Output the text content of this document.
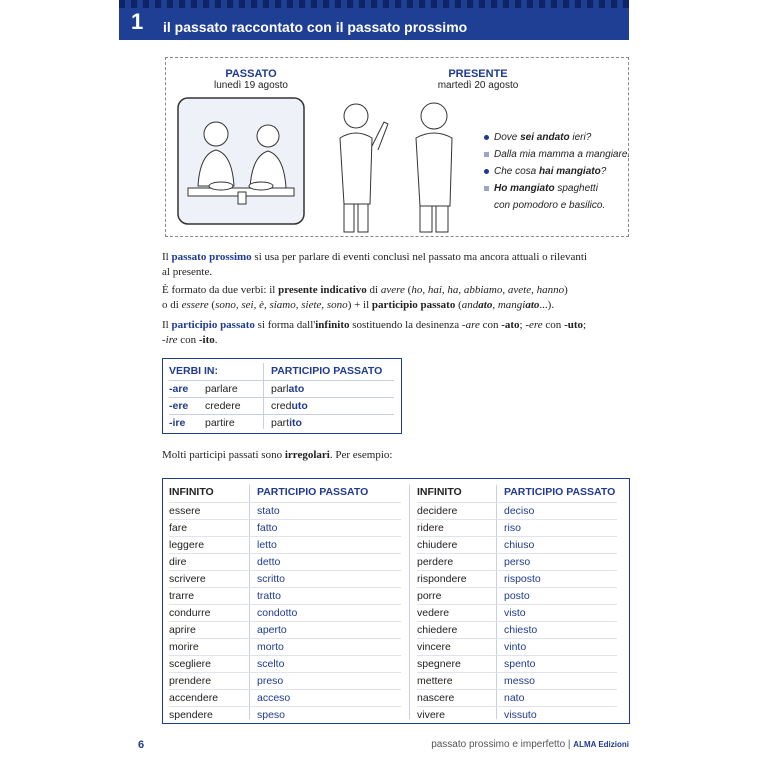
1 il passato raccontato con il passato prossimo
PASSATO
lunedì 19 agosto
PRESENTE
martedì 20 agosto
Dove sei andato ieri?
Dalla mia mamma a mangiare.
Che cosa hai mangiato?
Ho mangiato spaghetti
con pomodoro e basilico.
Il passato prossimo si usa per parlare di eventi conclusi nel passato ma ancora attuali o rilevanti
al presente.
È formato da due verbi: il presente indicativo di avere (ho, hai, ha, abbiamo, avete, hanno)
o di essere (sono, sei, è, siamo, siete, sono) + il participio passato (andato, mangiato...).
Il participio passato si forma dall'infinito sostituendo la desinenza -are con -ato; -ere con -uto;
-ire con -ito.
VERBI IN:	PARTICIPIO PASSATO
-are parlare	parlato
-ere credere	creduto
-ire partire	partito
Molti participi passati sono irregolari. Per esempio:
INFINITO	PARTICIPIO PASSATO	INFINITO	PARTICIPIO PASSATO
essere	stato	decidere	deciso
fare	fatto	ridere	riso
leggere	letto	chiudere	chiuso
dire	detto	perdere	perso
scrivere	scritto	rispondere	risposto
trarre	tratto	porre	posto
condurre	condotto	vedere	visto
aprire	aperto	chiedere	chiesto
morire	morto	vincere	vinto
scegliere	scelto	spegnere	spento
prendere	preso	mettere	messo
accendere	acceso	nascere	nato
spendere	speso	vivere	vissuto
6	passato prossimo e imperfetto | ALMA Edizioni
